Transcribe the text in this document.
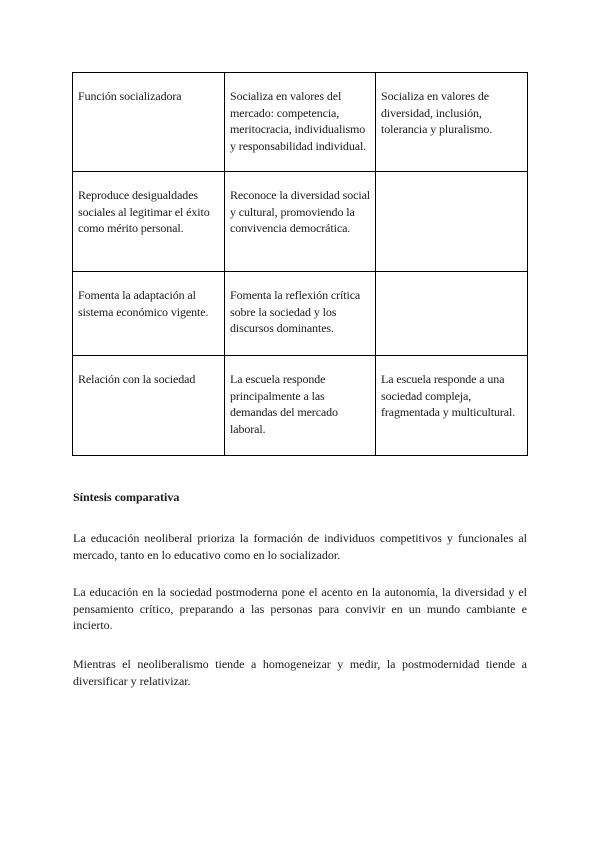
Función socializadora	Socializa en valores del mercado: competencia, meritocracia, individualismo y responsabilidad individual.	Socializa en valores de diversidad, inclusión, tolerancia y pluralismo.
Reproduce desigualdades sociales al legitimar el éxito como mérito personal.	Reconoce la diversidad social y cultural, promoviendo la convivencia democrática.	
Fomenta la adaptación al sistema económico vigente.	Fomenta la reflexión crítica sobre la sociedad y los discursos dominantes.	
Relación con la sociedad	La escuela responde principalmente a las demandas del mercado laboral.	La escuela responde a una sociedad compleja, fragmentada y multicultural.

Síntesis comparativa

La educación neoliberal prioriza la formación de individuos competitivos y funcionales al mercado, tanto en lo educativo como en lo socializador.

La educación en la sociedad postmoderna pone el acento en la autonomía, la diversidad y el pensamiento crítico, preparando a las personas para convivir en un mundo cambiante e incierto.

Mientras el neoliberalismo tiende a homogeneizar y medir, la postmodernidad tiende a diversificar y relativizar.
